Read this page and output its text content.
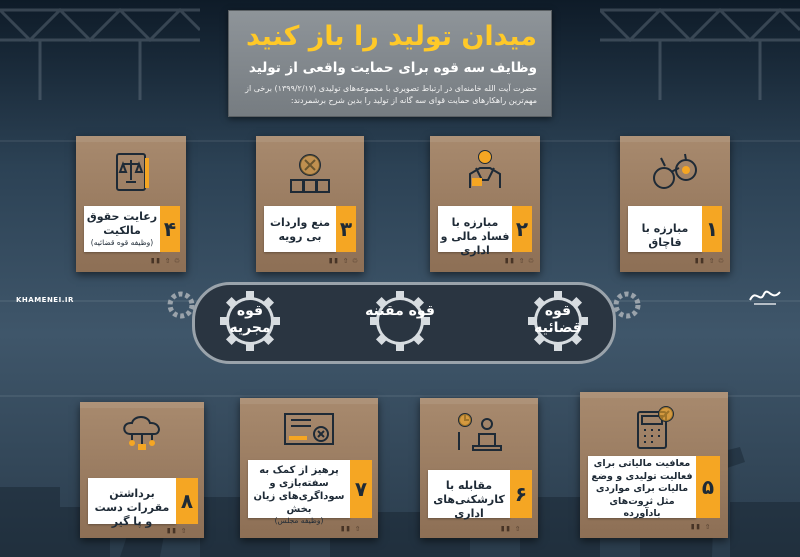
میدان تولید را باز کنید
وظایف سه قوه برای حمایت واقعی از تولید
حضرت آیت الله خامنه‌ای در ارتباط تصویری با مجموعه‌های تولیدی (۱۳۹۹/۲/۱۷) برخی از مهم‌ترین راهکارهای حمایت قوای سه گانه از تولید را بدین شرح برشمردند:
KHAMENEI.IR
۴
رعایت حقوق مالکیت
(وظیفه قوه قضائیه)
▮▮ ⇧ ♲
۳
منع واردات بی رویه
▮▮ ⇧ ♲
۲
مبارزه با فساد مالی و اداری
▮▮ ⇧ ♲
۱
مبارزه با قاچاق
▮▮ ⇧ ♲
قوه مجریه
قوه مقننه	قوه قضائیه
۸
برداشتن مقررات دست و پا گیر
▮▮ ⇧
۷
پرهیز از کمک به سفته‌بازی و سوداگری‌های زیان بخش
(وظیفه مجلس)
▮▮ ⇧
۶
مقابله با کارشکنی‌های اداری
▮▮ ⇧
۵
معافیت مالیاتی برای فعالیت تولیدی و وضع مالیات برای مواردی مثل ثروت‌های بادآورده
▮▮ ⇧
